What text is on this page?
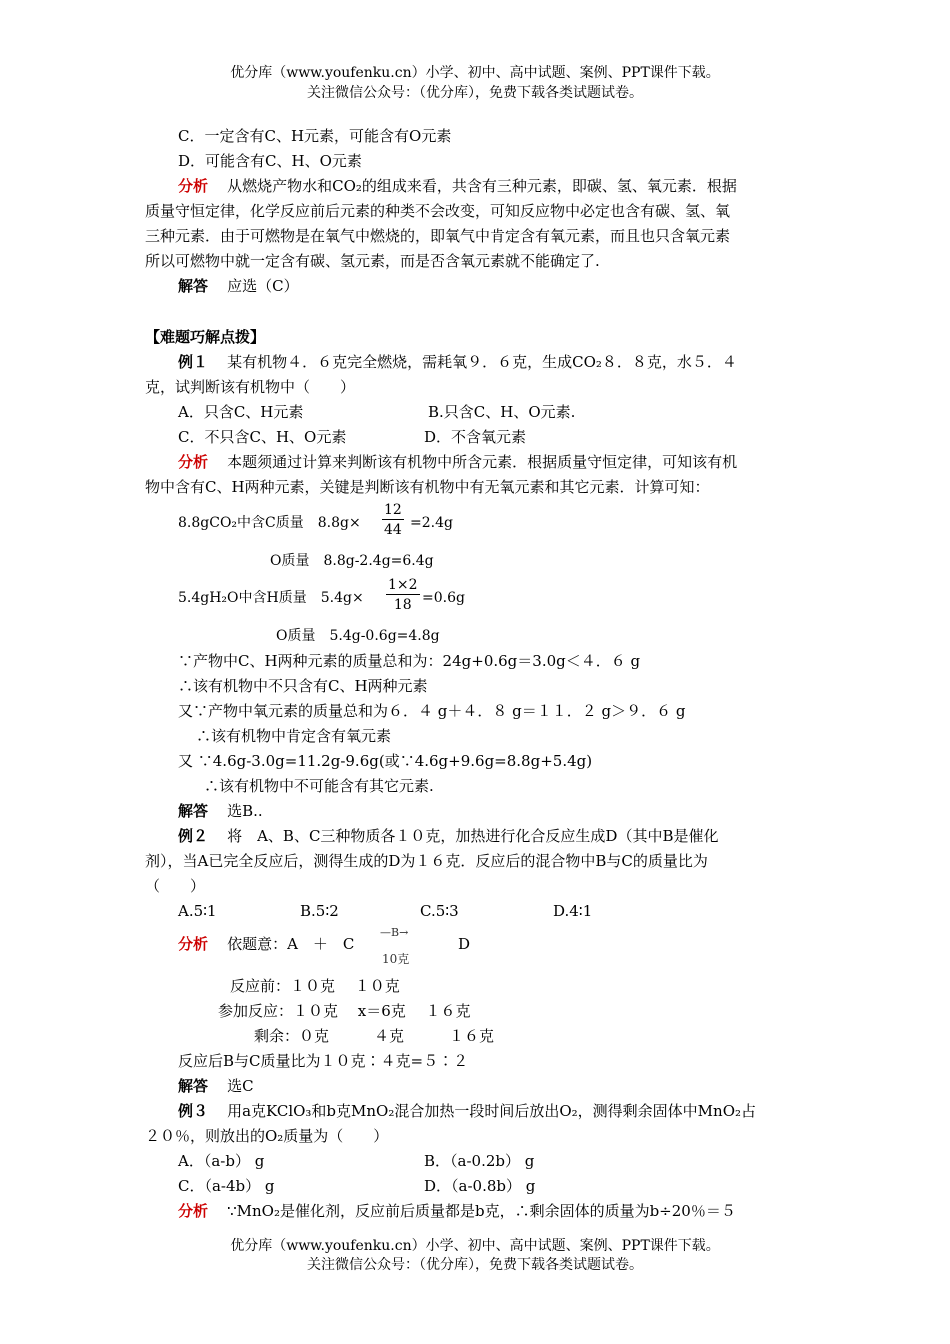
优分库（www.youfenku.cn）小学、初中、高中试题、案例、PPT课件下载。
关注微信公众号：（优分库），免费下载各类试题试卷。
C．一定含有C、H元素，可能含有O元素
D．可能含有C、H、O元素
分析 从燃烧产物水和CO₂的组成来看，共含有三种元素，即碳、氢、氧元素．根据
质量守恒定律，化学反应前后元素的种类不会改变，可知反应物中必定也含有碳、氢、氧
三种元素．由于可燃物是在氧气中燃烧的，即氧气中肯定含有氧元素，而且也只含氧元素
所以可燃物中就一定含有碳、氢元素，而是否含氧元素就不能确定了.
解答 应选（C）
【难题巧解点拨】
例１ 某有机物４．６克完全燃烧，需耗氧９．６克，生成CO₂８．８克，水５．４
克，试判断该有机物中（　　）
A．只含C、H元素	B.只含C、H、O元素.
C．不只含C、H、O元素	D．不含氧元素
分析 本题须通过计算来判断该有机物中所含元素．根据质量守恒定律，可知该有机
物中含有C、H两种元素，关键是判断该有机物中有无氧元素和其它元素．计算可知：
8.8gCO₂中含C质量　$8.8g\times \frac{12}{44} =2.4g$
O质量　8.8g-2.4g=6.4g
5.4gH₂O中含H质量　$5.4g\times \frac{1\times 2}{18} =0.6g$
O质量　5.4g-0.6g=4.8g
∵产物中C、H两种元素的质量总和为：24g+0.6g＝3.0g＜４．６ g
∴该有机物中不只含有C、H两种元素
又∵产物中氧元素的质量总和为６．４ g＋４．８ g＝１１．２ g＞９．６ g
∴该有机物中肯定含有氧元素
又 ∵4.6g-3.0g=11.2g-9.6g(或∵4.6g+9.6g=8.8g+5.4g)
∴该有机物中不可能含有其它元素.
解答 选B..
例２ 将　A、B、C三种物质各１０克，加热进行化合反应生成D（其中B是催化
剂），当A已完全反应后，测得生成的D为１６克．反应后的混合物中B与C的质量比为
（　　）
A.5∶1	B.5∶2	C.5∶3	D.4∶1
分析 依题意：A　＋　C
—B→
10克
D
反应前：１０克　 １０克
参加反应：１０克　 x＝6克　 １６克
剩余：０克　　　４克　　　１６克
反应后B与C质量比为１０克∶４克=５∶２
解答 选C
例３ 用a克KClO₃和b克MnO₂混合加热一段时间后放出O₂，测得剩余固体中MnO₂占
２０％，则放出的O₂质量为（　　）
A．（a-b） g	B．（a-0.2b） g
C．（a-4b） g	D．（a-0.8b） g
分析 ∵MnO₂是催化剂，反应前后质量都是b克，∴剩余固体的质量为b÷20％＝５
优分库（www.youfenku.cn）小学、初中、高中试题、案例、PPT课件下载。
关注微信公众号：（优分库），免费下载各类试题试卷。
